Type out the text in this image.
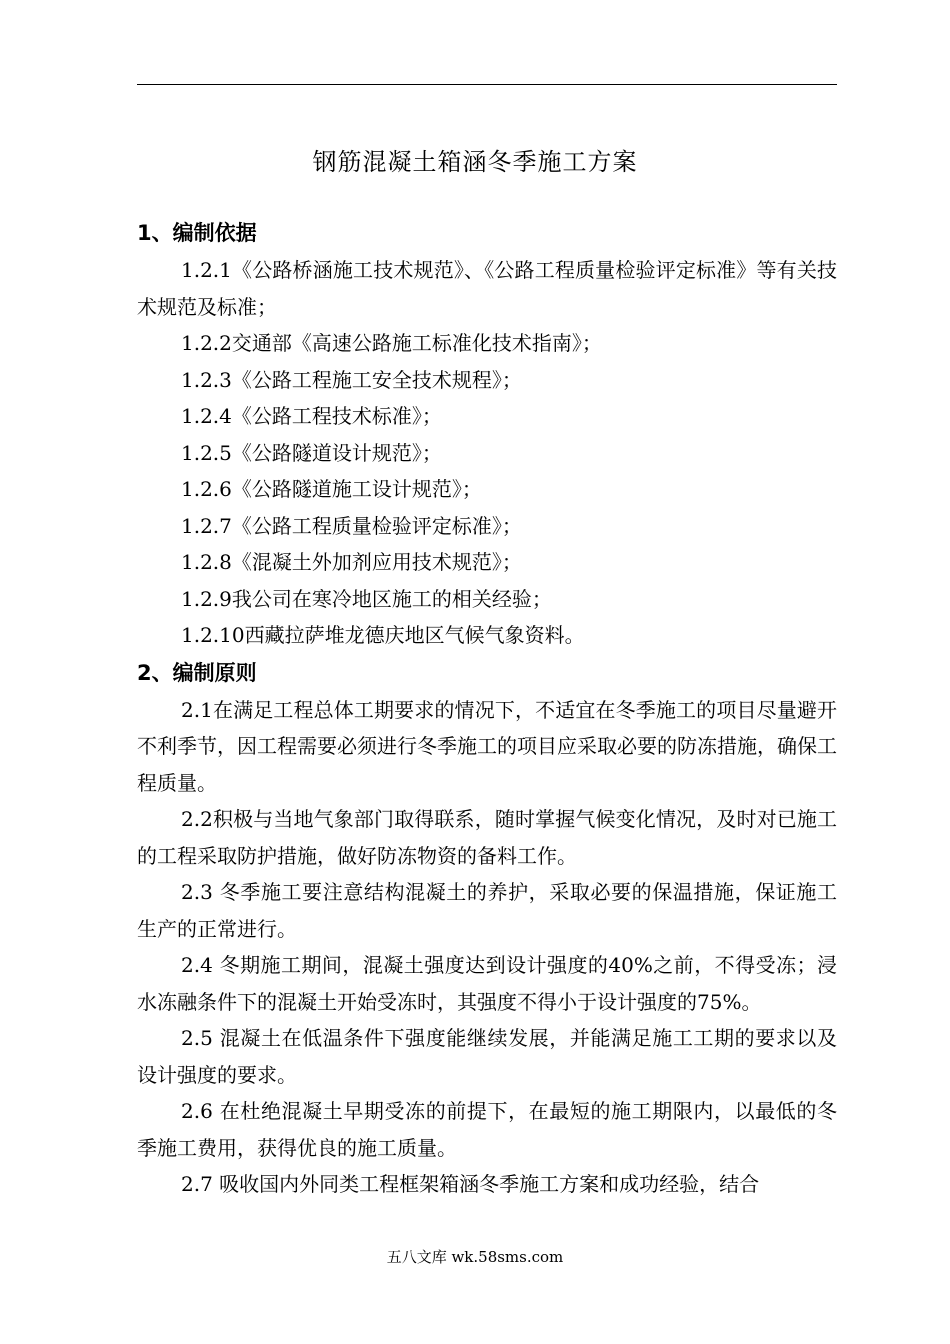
钢筋混凝土箱涵冬季施工方案
1、编制依据

1.2.1《公路桥涵施工技术规范》、《公路工程质量检验评定标准》等有关技术规范及标准；

1.2.2交通部《高速公路施工标准化技术指南》；
1.2.3《公路工程施工安全技术规程》；
1.2.4《公路工程技术标准》；
1.2.5《公路隧道设计规范》；
1.2.6《公路隧道施工设计规范》；
1.2.7《公路工程质量检验评定标准》；
1.2.8《混凝土外加剂应用技术规范》；
1.2.9我公司在寒冷地区施工的相关经验；
1.2.10西藏拉萨堆龙德庆地区气候气象资料。
2、编制原则

2.1在满足工程总体工期要求的情况下，不适宜在冬季施工的项目尽量避开不利季节，因工程需要必须进行冬季施工的项目应采取必要的防冻措施，确保工程质量。

2.2积极与当地气象部门取得联系，随时掌握气候变化情况，及时对已施工的工程采取防护措施，做好防冻物资的备料工作。

2.3 冬季施工要注意结构混凝土的养护，采取必要的保温措施，保证施工生产的正常进行。

2.4 冬期施工期间，混凝土强度达到设计强度的40%之前，不得受冻；浸水冻融条件下的混凝土开始受冻时，其强度不得小于设计强度的75%。

2.5 混凝土在低温条件下强度能继续发展，并能满足施工工期的要求以及设计强度的要求。

2.6 在杜绝混凝土早期受冻的前提下，在最短的施工期限内，以最低的冬季施工费用，获得优良的施工质量。

2.7 吸收国内外同类工程框架箱涵冬季施工方案和成功经验，结合

五八文库 wk.58sms.com
